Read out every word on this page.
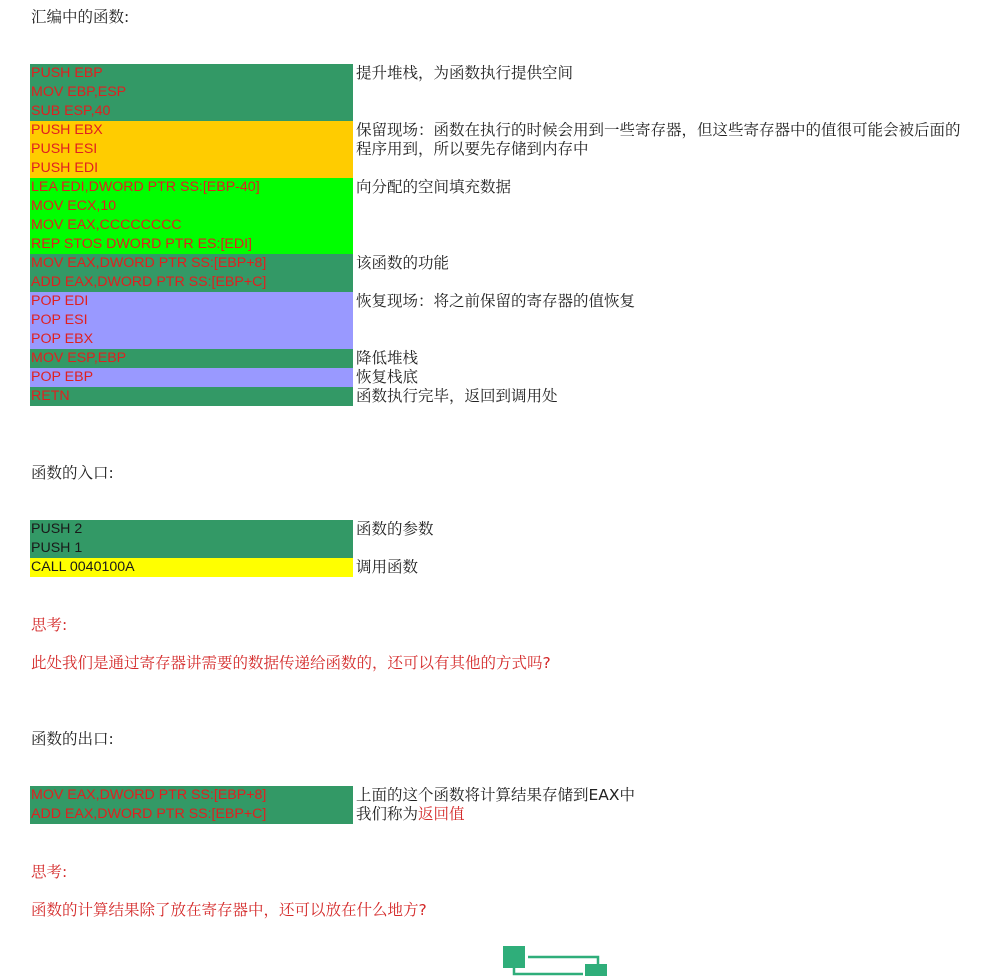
汇编中的函数:
PUSH EBP	提升堆栈，为函数执行提供空间
MOV EBP,ESP
SUB ESP,40
PUSH EBX	保留现场：函数在执行的时候会用到一些寄存器，但这些寄存器中的值很可能会被后面的
PUSH ESI	程序用到，所以要先存储到内存中
PUSH EDI
LEA EDI,DWORD PTR SS:[EBP-40]	向分配的空间填充数据
MOV ECX,10
MOV EAX,CCCCCCCC
REP STOS DWORD PTR ES:[EDI]
MOV EAX,DWORD PTR SS:[EBP+8]	该函数的功能
ADD EAX,DWORD PTR SS:[EBP+C]
POP EDI	恢复现场：将之前保留的寄存器的值恢复
POP ESI
POP EBX
MOV ESP,EBP	降低堆栈
POP EBP	恢复栈底
RETN	函数执行完毕，返回到调用处
函数的入口:
PUSH 2	函数的参数
PUSH 1
CALL 0040100A	调用函数
思考:
此处我们是通过寄存器讲需要的数据传递给函数的，还可以有其他的方式吗?
函数的出口:
MOV EAX,DWORD PTR SS:[EBP+8]	上面的这个函数将计算结果存储到EAX中
ADD EAX,DWORD PTR SS:[EBP+C]	我们称为返回值
思考:
函数的计算结果除了放在寄存器中，还可以放在什么地方?
